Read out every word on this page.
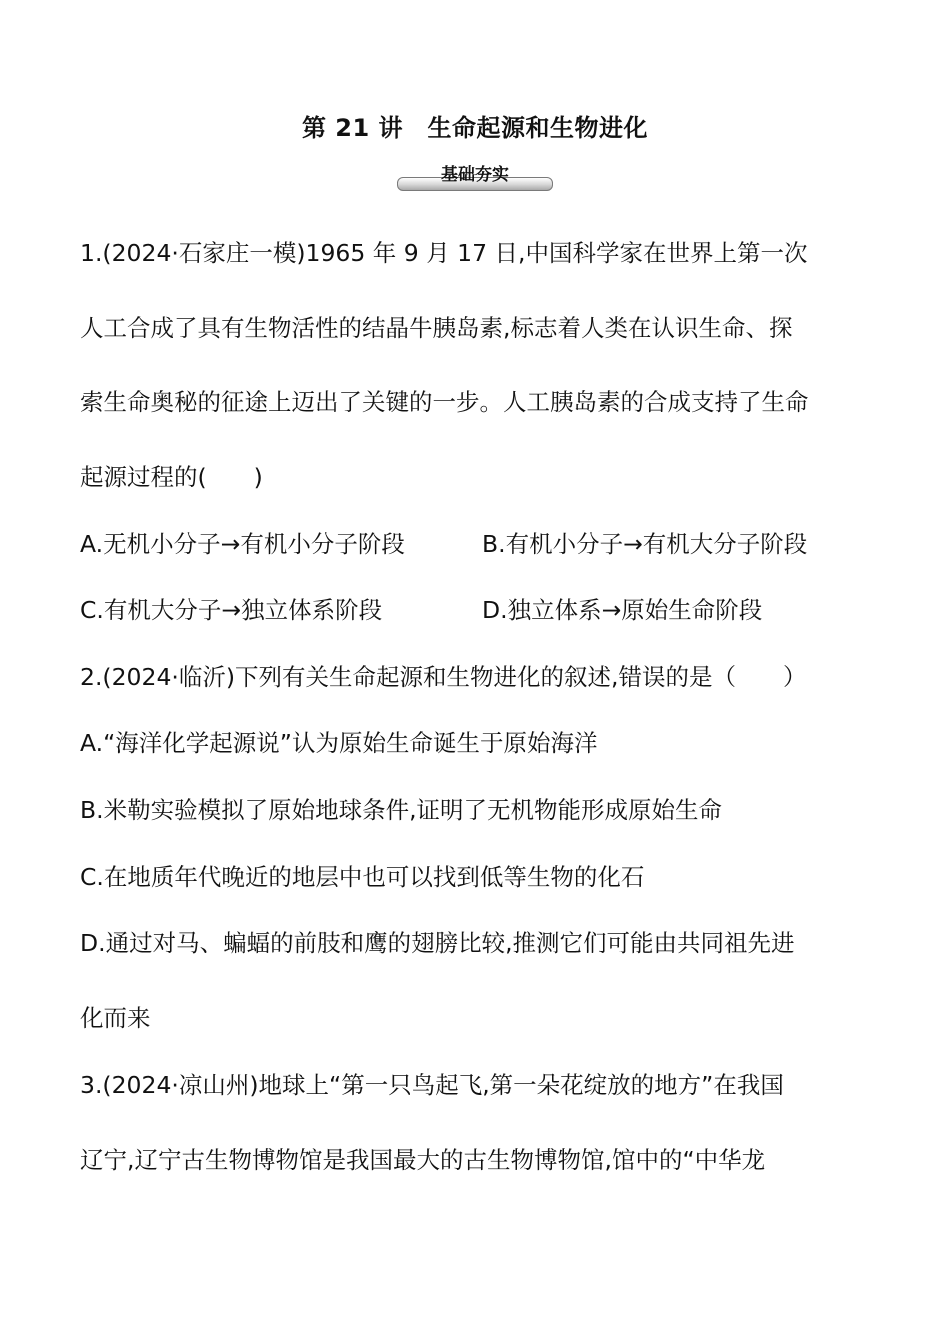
第 21 讲　生命起源和生物进化
基础夯实
1.(2024·石家庄一模)1965 年 9 月 17 日,中国科学家在世界上第一次
人工合成了具有生物活性的结晶牛胰岛素,标志着人类在认识生命、探
索生命奥秘的征途上迈出了关键的一步。人工胰岛素的合成支持了生命
起源过程的(　　)
A.无机小分子→有机小分子阶段	B.有机小分子→有机大分子阶段
C.有机大分子→独立体系阶段	D.独立体系→原始生命阶段
2.(2024·临沂)下列有关生命起源和生物进化的叙述,错误的是（　　）
A.“海洋化学起源说”认为原始生命诞生于原始海洋
B.米勒实验模拟了原始地球条件,证明了无机物能形成原始生命
C.在地质年代晚近的地层中也可以找到低等生物的化石
D.通过对马、蝙蝠的前肢和鹰的翅膀比较,推测它们可能由共同祖先进
化而来
3.(2024·凉山州)地球上“第一只鸟起飞,第一朵花绽放的地方”在我国
辽宁,辽宁古生物博物馆是我国最大的古生物博物馆,馆中的“中华龙
